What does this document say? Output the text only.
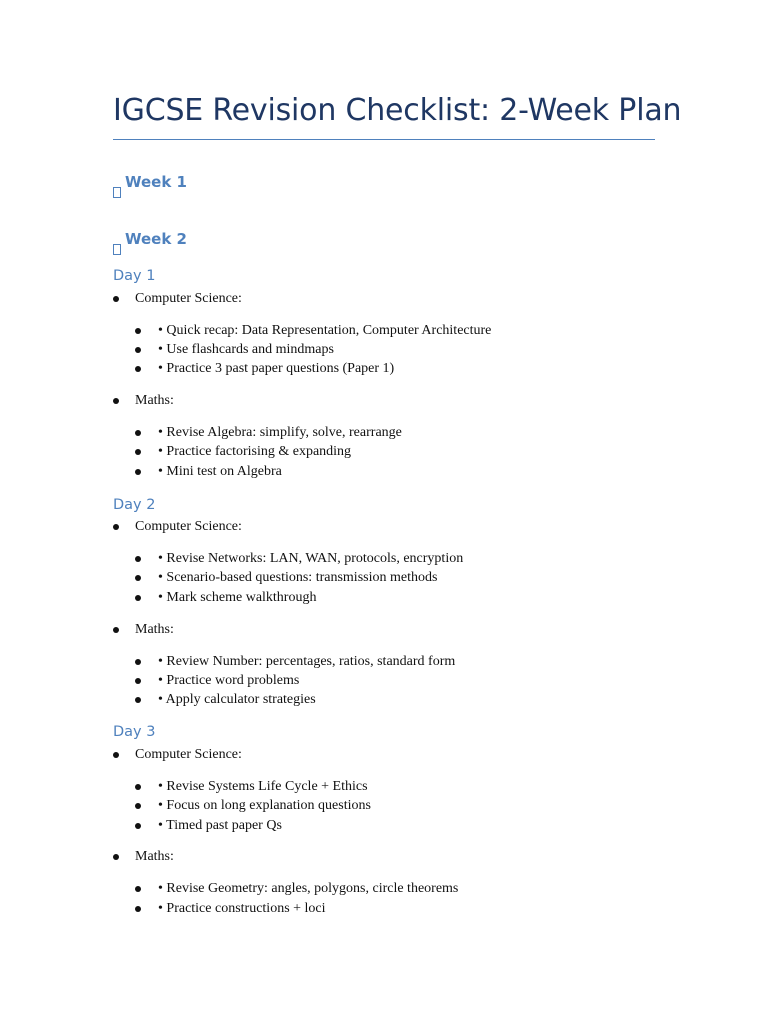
IGCSE Revision Checklist: 2-Week Plan
Week 1
Week 2
Day 1
Computer Science:
• Quick recap: Data Representation, Computer Architecture
• Use flashcards and mindmaps
• Practice 3 past paper questions (Paper 1)
Maths:
• Revise Algebra: simplify, solve, rearrange
• Practice factorising & expanding
• Mini test on Algebra
Day 2
Computer Science:
• Revise Networks: LAN, WAN, protocols, encryption
• Scenario-based questions: transmission methods
• Mark scheme walkthrough
Maths:
• Review Number: percentages, ratios, standard form
• Practice word problems
• Apply calculator strategies
Day 3
Computer Science:
• Revise Systems Life Cycle + Ethics
• Focus on long explanation questions
• Timed past paper Qs
Maths:
• Revise Geometry: angles, polygons, circle theorems
• Practice constructions + loci
